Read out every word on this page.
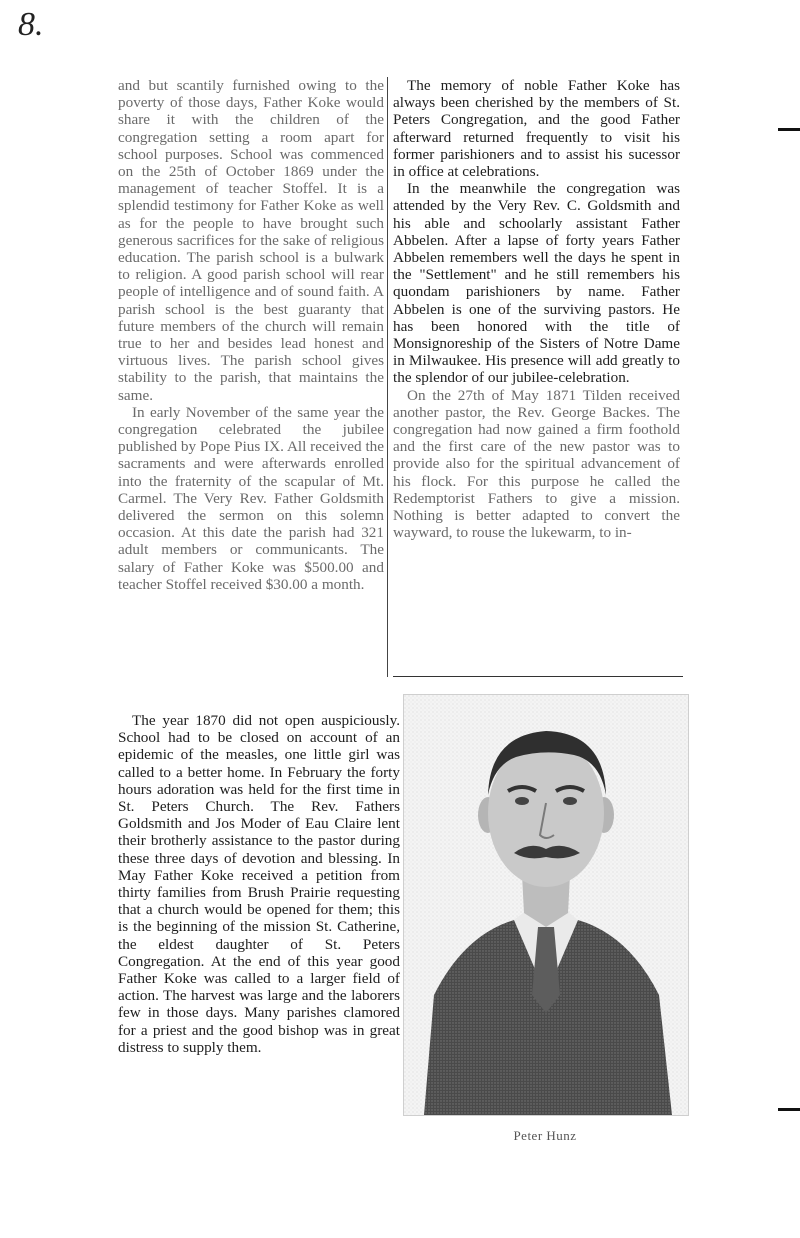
8.

and but scantily furnished owing to the poverty of those days, Father Koke would share it with the children of the congregation setting a room apart for school purposes. School was commenced on the 25th of October 1869 under the management of teacher Stoffel. It is a splendid testimony for Father Koke as well as for the people to have brought such generous sacrifices for the sake of religious education. The parish school is a bulwark to religion. A good parish school will rear people of intelligence and of sound faith. A parish school is the best guaranty that future members of the church will remain true to her and besides lead honest and virtuous lives. The parish school gives stability to the parish, that maintains the same.

In early November of the same year the congregation celebrated the jubilee published by Pope Pius IX. All received the sacraments and were afterwards enrolled into the fraternity of the scapular of Mt. Carmel. The Very Rev. Father Goldsmith delivered the sermon on this solemn occasion. At this date the parish had 321 adult members or communicants. The salary of Father Koke was $500.00 and teacher Stoffel received $30.00 a month.

The year 1870 did not open auspiciously. School had to be closed on account of an epidemic of the measles, one little girl was called to a better home. In February the forty hours adoration was held for the first time in St. Peters Church. The Rev. Fathers Goldsmith and Jos Moder of Eau Claire lent their brotherly assistance to the pastor during these three days of devotion and blessing. In May Father Koke received a petition from thirty families from Brush Prairie requesting that a church would be opened for them; this is the beginning of the mission St. Catherine, the eldest daughter of St. Peters Congregation. At the end of this year good Father Koke was called to a larger field of action. The harvest was large and the laborers few in those days. Many parishes clamored for a priest and the good bishop was in great distress to supply them.

The memory of noble Father Koke has always been cherished by the members of St. Peters Congregation, and the good Father afterward returned frequently to visit his former parishioners and to assist his sucessor in office at celebrations.

In the meanwhile the congregation was attended by the Very Rev. C. Goldsmith and his able and schoolarly assistant Father Abbelen. After a lapse of forty years Father Abbelen remembers well the days he spent in the "Settlement" and he still remembers his quondam parishioners by name. Father Abbelen is one of the surviving pastors. He has been honored with the title of Monsignoreship of the Sisters of Notre Dame in Milwaukee. His presence will add greatly to the splendor of our jubilee-celebration.

On the 27th of May 1871 Tilden received another pastor, the Rev. George Backes. The congregation had now gained a firm foothold and the first care of the new pastor was to provide also for the spiritual advancement of his flock. For this purpose he called the Redemptorist Fathers to give a mission. Nothing is better adapted to convert the wayward, to rouse the lukewarm, to in-

Peter Hunz
